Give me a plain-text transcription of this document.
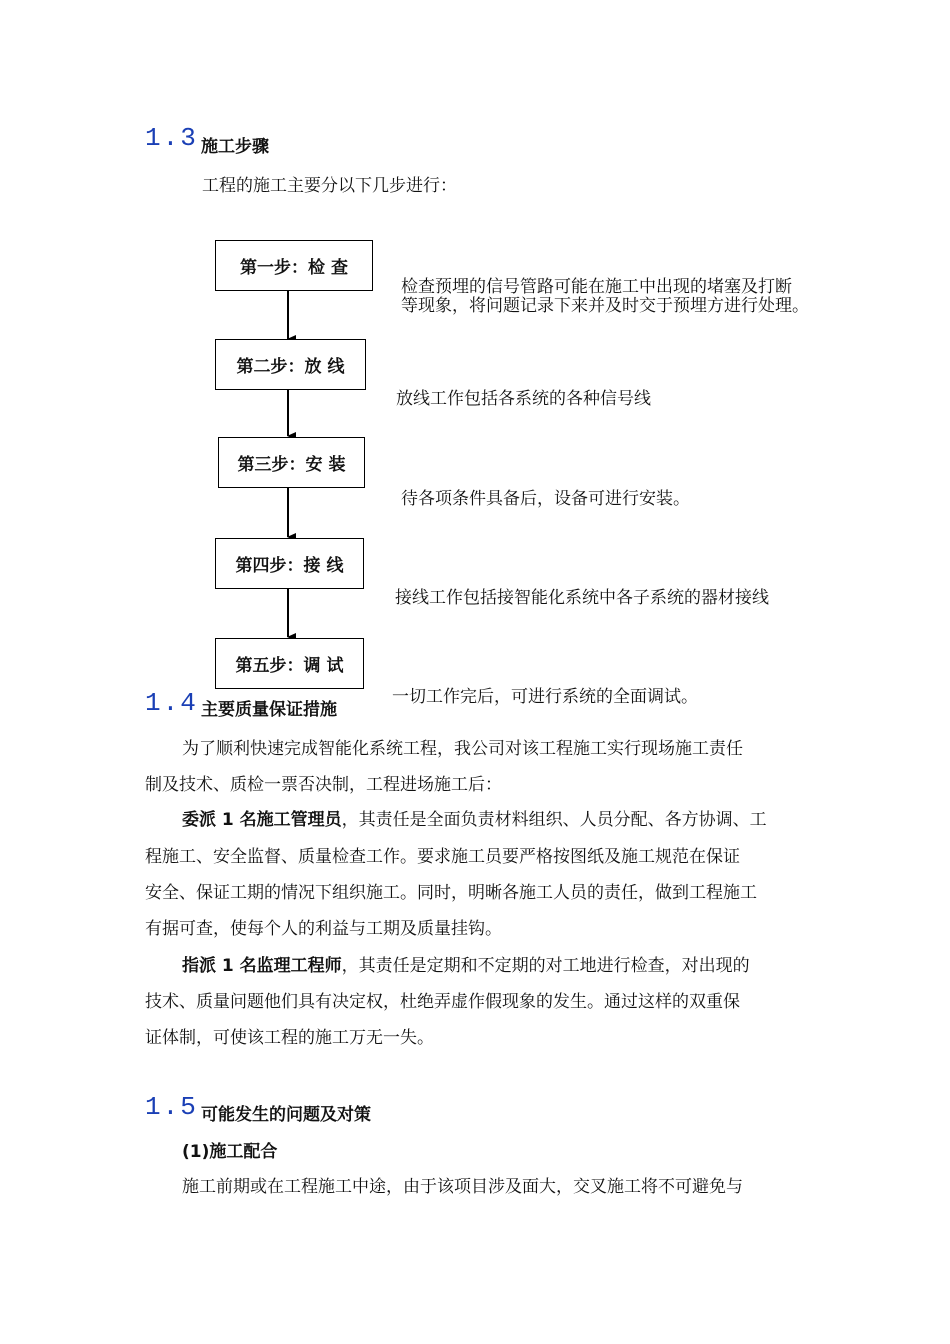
1.3 施工步骤
工程的施工主要分以下几步进行：
第一步：检 查
第二步：放 线
第三步：安 装
第四步：接 线
第五步：调 试
检查预埋的信号管路可能在施工中出现的堵塞及打断
等现象，将问题记录下来并及时交于预埋方进行处理。
放线工作包括各系统的各种信号线
待各项条件具备后，设备可进行安装。
接线工作包括接智能化系统中各子系统的器材接线
一切工作完后，可进行系统的全面调试。
1.4 主要质量保证措施
为了顺利快速完成智能化系统工程，我公司对该工程施工实行现场施工责任
制及技术、质检一票否决制，工程进场施工后：
委派 1 名施工管理员，其责任是全面负责材料组织、人员分配、各方协调、工
程施工、安全监督、质量检查工作。要求施工员要严格按图纸及施工规范在保证
安全、保证工期的情况下组织施工。同时，明晰各施工人员的责任，做到工程施工
有据可查，使每个人的利益与工期及质量挂钩。
指派 1 名监理工程师，其责任是定期和不定期的对工地进行检查，对出现的
技术、质量问题他们具有决定权，杜绝弄虚作假现象的发生。通过这样的双重保
证体制，可使该工程的施工万无一失。
1.5 可能发生的问题及对策
(1)施工配合
施工前期或在工程施工中途，由于该项目涉及面大，交叉施工将不可避免与
